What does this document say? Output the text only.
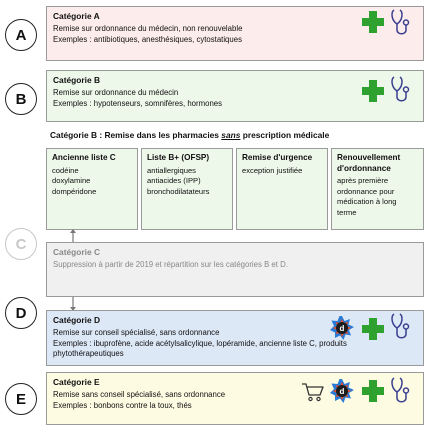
A
Catégorie A

Remise sur ordonnance du médecin, non renouvelable

Exemples : antibiotiques, anesthésiques, cytostatiques

B
Catégorie B

Remise sur ordonnance du médecin

Exemples : hypotenseurs, somnifères, hormones

Catégorie B : Remise dans les pharmacies sans prescription médicale
Ancienne liste C
codéine
doxylamine
dompéridone
Liste B+ (OFSP)
antiallergiques
antiacides (IPP)
bronchodilatateurs
Remise d'urgence
exception justifiée
Renouvellement d'ordonnance
après première ordonnance pour médication à long terme
C	Catégorie C

Suppression à partir de 2019 et répartition sur les catégories B et D.

D	Catégorie D

Remise sur conseil spécialisé, sans ordonnance

Exemples : ibuprofène, acide acétylsalicylique, lopéramide, ancienne liste C, produits phytothérapeutiques

d
E
Catégorie E

Remise sans conseil spécialisé, sans ordonnance

Exemples : bonbons contre la toux, thés

d
